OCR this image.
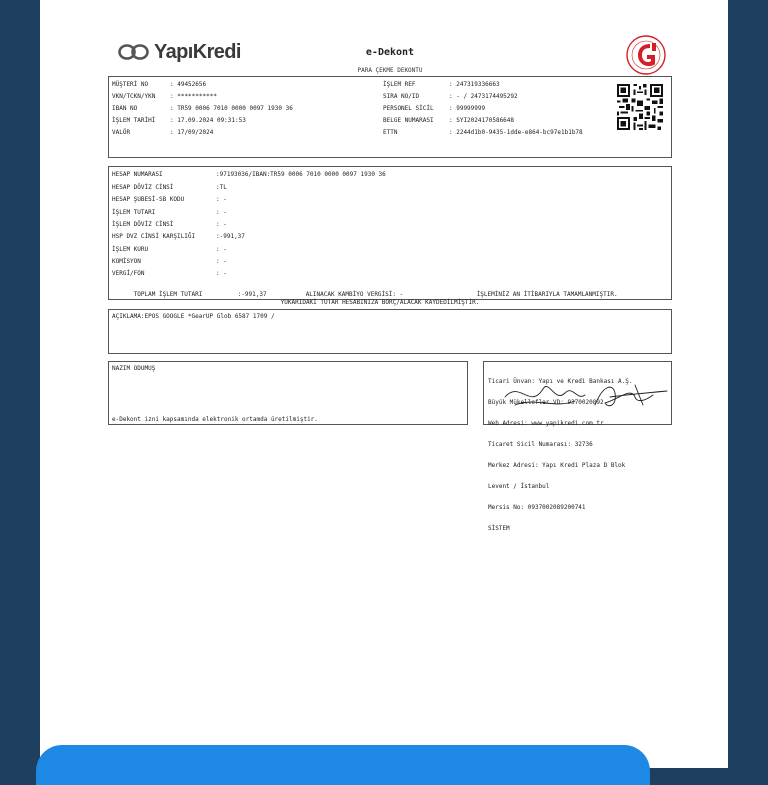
YapıKredi	e-Dekont
PARA ÇEKME DEKONTU
MÜŞTERİ NO	: 49452656
VKN/TCKN/YKN : ***********
IBAN NO	: TR59 0006 7010 0000 0097 1930 36
İŞLEM TARİHİ : 17.09.2024 09:31:53
VALÖR	: 17/09/2024
İŞLEM REF	: 247319336663
SIRA NO/ID	: - / 2473174495292
PERSONEL SİCİL	: 99999999
BELGE NUMARASI	: SYI2024170586648
ETTN	: 2244d1b0-9435-1dde-e864-bc97e1b1b78
HESAP NUMARASI	:97193036/IBAN:TR59 0006 7010 0000 0097 1930 36
HESAP DÖVİZ CİNSİ	:TL
HESAP ŞUBESİ-SB KODU	: -
İŞLEM TUTARI	: -
İŞLEM DÖVİZ CİNSİ	: -
HSP DVZ CİNSİ KARŞILIĞI	:-991,37
İŞLEM KURU	: -
KOMİSYON	: -
VERGİ/FON	: -

TOPLAM İŞLEM TUTARI	:-991,37	ALINACAK KAMBİYO VERGİSİ: -	İŞLEMİNİZ AN İTİBARIYLA TAMAMLANMIŞTIR.

YUKARIDAKİ TUTAR HESABINIZA BORÇ/ALACAK KAYDEDİLMİŞTİR.
AÇIKLAMA:EPOS GOOGLE *GearUP Glob 6587 1709 /
NAZIM ODUMUŞ
e-Dekont izni kapsamında elektronik ortamda üretilmiştir.

Ticari Ünvan: Yapı ve Kredi Bankası A.Ş.

Büyük Mükellefler VD: 9370020892

Web Adresi: www.yapikredi.com.tr

Ticaret Sicil Numarası: 32736

Merkez Adresi: Yapı Kredi Plaza D Blok

Levent / İstanbul

Mersis No: 0937002089200741

SİSTEM
